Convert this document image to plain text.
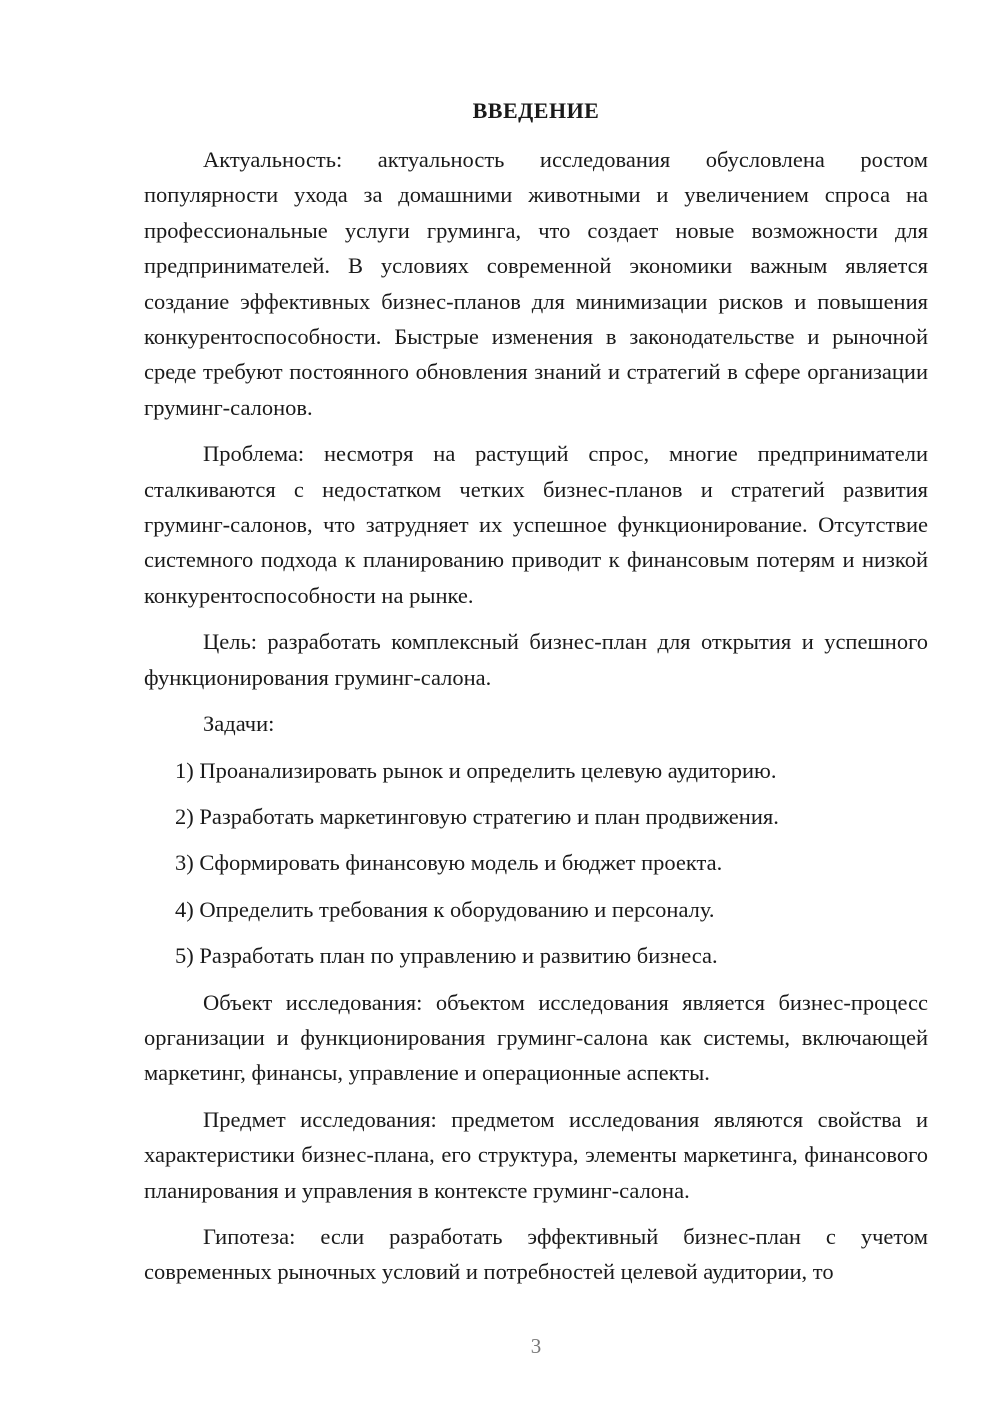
ВВЕДЕНИЕ

Актуальность: актуальность исследования обусловлена ростом популярности ухода за домашними животными и увеличением спроса на профессиональные услуги груминга, что создает новые возможности для предпринимателей. В условиях современной экономики важным является создание эффективных бизнес-планов для минимизации рисков и повышения конкурентоспособности. Быстрые изменения в законодательстве и рыночной среде требуют постоянного обновления знаний и стратегий в сфере организации груминг-салонов.

Проблема: несмотря на растущий спрос, многие предприниматели сталкиваются с недостатком четких бизнес-планов и стратегий развития груминг-салонов, что затрудняет их успешное функционирование. Отсутствие системного подхода к планированию приводит к финансовым потерям и низкой конкурентоспособности на рынке.

Цель: разработать комплексный бизнес-план для открытия и успешного функционирования груминг-салона.

Задачи:

1) Проанализировать рынок и определить целевую аудиторию.

2) Разработать маркетинговую стратегию и план продвижения.

3) Сформировать финансовую модель и бюджет проекта.

4) Определить требования к оборудованию и персоналу.

5) Разработать план по управлению и развитию бизнеса.

Объект исследования: объектом исследования является бизнес-процесс организации и функционирования груминг-салона как системы, включающей маркетинг, финансы, управление и операционные аспекты.

Предмет исследования: предметом исследования являются свойства и характеристики бизнес-плана, его структура, элементы маркетинга, финансового планирования и управления в контексте груминг-салона.

Гипотеза: если разработать эффективный бизнес-план с учетом современных рыночных условий и потребностей целевой аудитории, то

3
